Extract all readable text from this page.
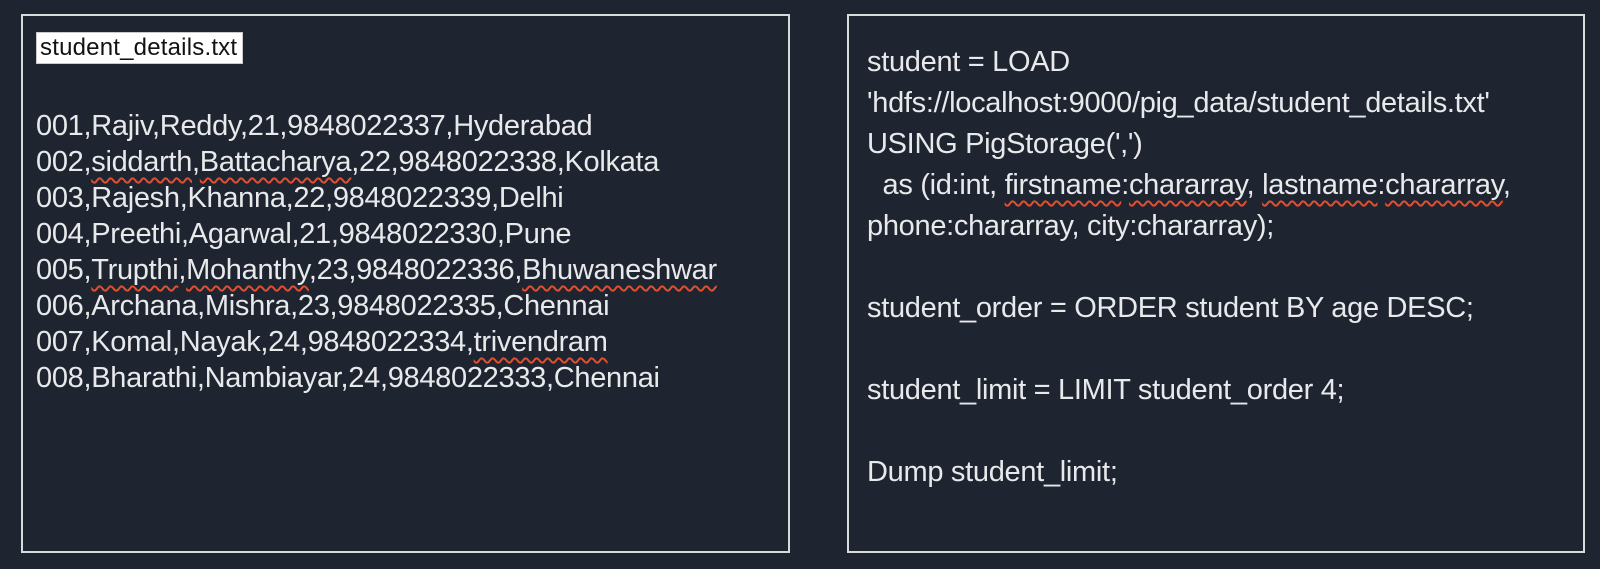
student_details.txt
001,Rajiv,Reddy,21,9848022337,Hyderabad
002,siddarth,Battacharya,22,9848022338,Kolkata
003,Rajesh,Khanna,22,9848022339,Delhi
004,Preethi,Agarwal,21,9848022330,Pune
005,Trupthi,Mohanthy,23,9848022336,Bhuwaneshwar
006,Archana,Mishra,23,9848022335,Chennai
007,Komal,Nayak,24,9848022334,trivendram
008,Bharathi,Nambiayar,24,9848022333,Chennai
student = LOAD
'hdfs://localhost:9000/pig_data/student_details.txt'
USING PigStorage(',')
as (id:int, firstname:chararray, lastname:chararray,
phone:chararray, city:chararray);

student_order = ORDER student BY age DESC;

student_limit = LIMIT student_order 4;

Dump student_limit;
